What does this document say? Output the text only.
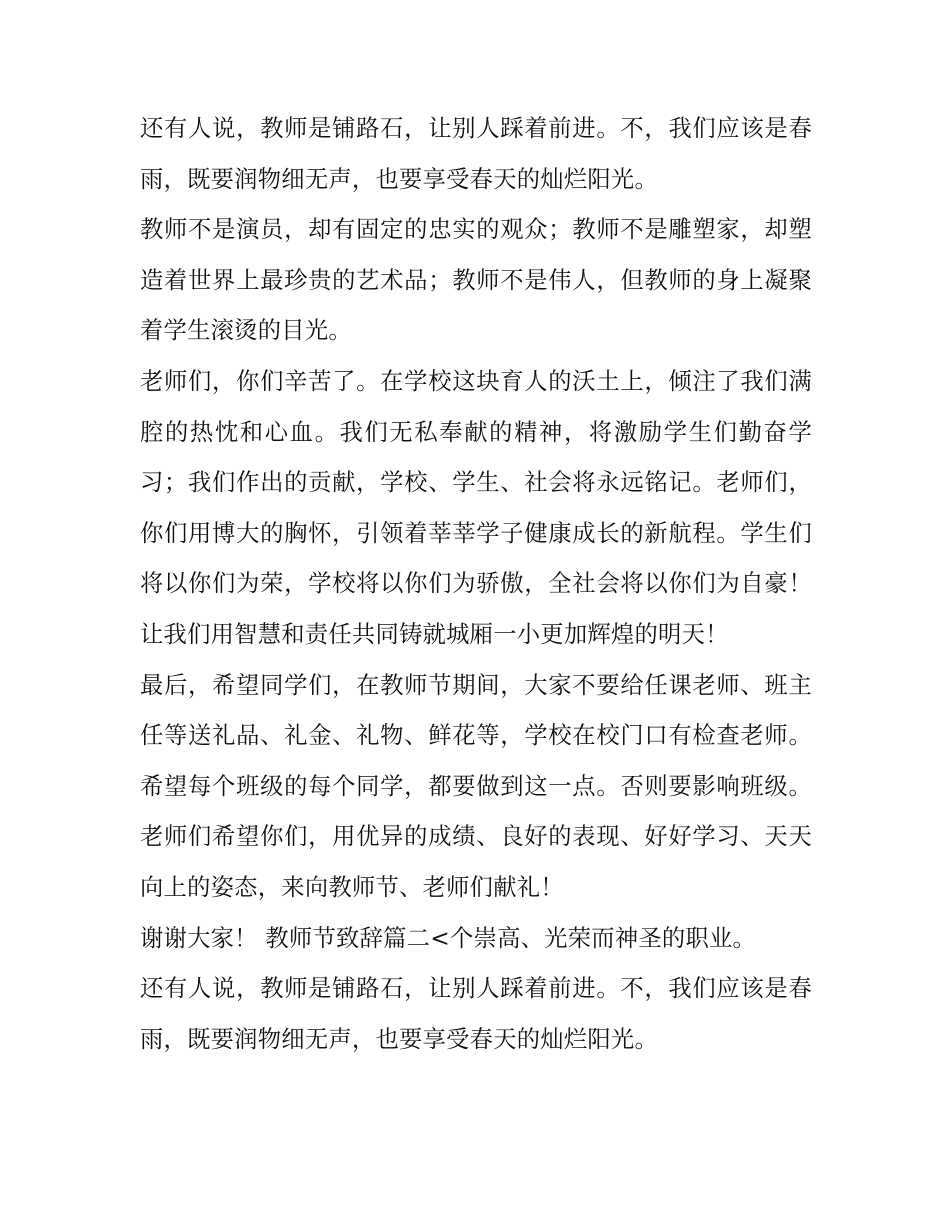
还有人说，教师是铺路石，让别人踩着前进。不，我们应该是春雨，既要润物细无声，也要享受春天的灿烂阳光。

教师不是演员，却有固定的忠实的观众；教师不是雕塑家，却塑造着世界上最珍贵的艺术品；教师不是伟人，但教师的身上凝聚着学生滚烫的目光。

老师们，你们辛苦了。在学校这块育人的沃土上，倾注了我们满腔的热忱和心血。我们无私奉献的精神，将激励学生们勤奋学习；我们作出的贡献，学校、学生、社会将永远铭记。老师们，你们用博大的胸怀，引领着莘莘学子健康成长的新航程。学生们将以你们为荣，学校将以你们为骄傲，全社会将以你们为自豪！让我们用智慧和责任共同铸就城厢一小更加辉煌的明天！

最后，希望同学们，在教师节期间，大家不要给任课老师、班主任等送礼品、礼金、礼物、鲜花等，学校在校门口有检查老师。希望每个班级的每个同学，都要做到这一点。否则要影响班级。老师们希望你们，用优异的成绩、良好的表现、好好学习、天天向上的姿态，来向教师节、老师们献礼！

谢谢大家！ 教师节致辞篇二<个崇高、光荣而神圣的职业。

还有人说，教师是铺路石，让别人踩着前进。不，我们应该是春雨，既要润物细无声，也要享受春天的灿烂阳光。
